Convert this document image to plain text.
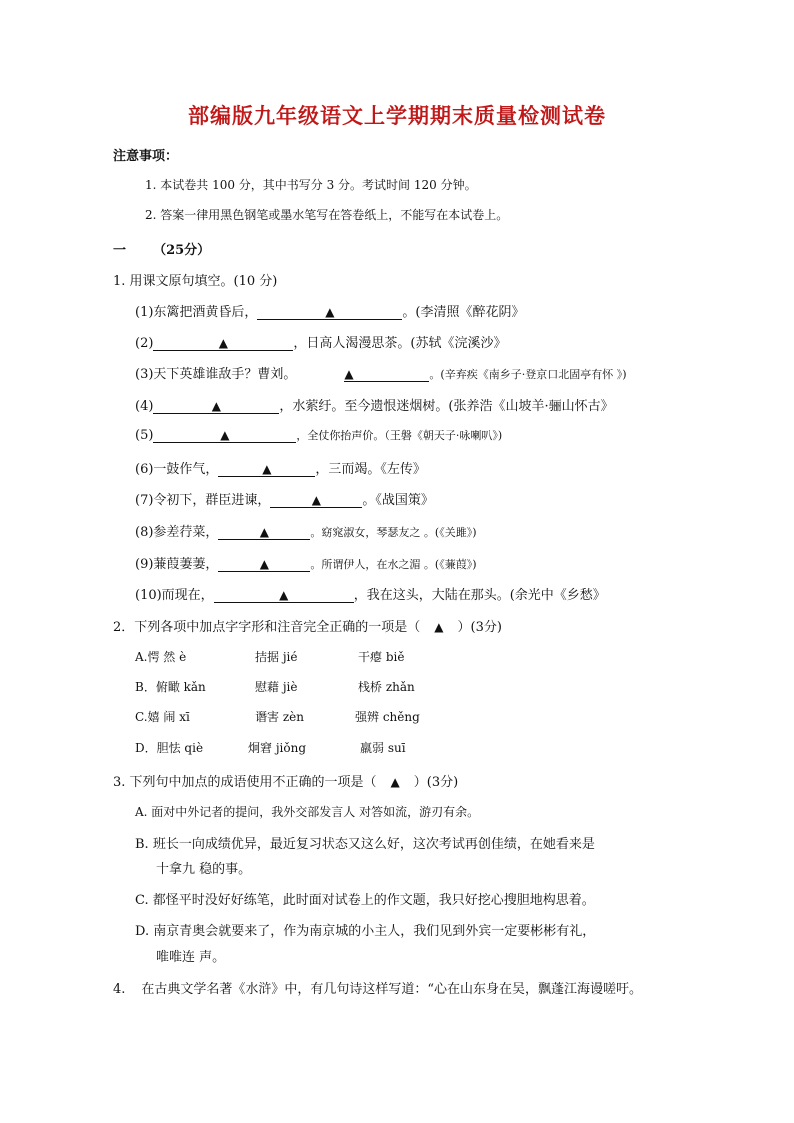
部编版九年级语文上学期期末质量检测试卷
注意事项：
1. 本试卷共 100 分，其中书写分 3 分。考试时间 120 分钟。
2. 答案一律用黑色钢笔或墨水笔写在答卷纸上，不能写在本试卷上。
一 （25分）
1. 用课文原句填空。(10 分)
(1)东篱把酒黄昏后，	▲	。(李清照《醉花阴》
(2)	▲	，日高人渴漫思茶。(苏轼《浣溪沙》
(3)天下英雄谁敌手？曹刘。	▲	。(辛弃疾《南乡子·登京口北固亭有怀 》)
(4)	▲	，水萦纡。至今遗恨迷烟树。(张养浩《山坡羊·骊山怀古》
(5)	▲	，全仗你抬声价。（王磐《朝天子·咏喇叭》)
(6)一鼓作气，	▲	，三而竭。《左传》
(7)令初下，群臣进谏，	▲	。《战国策》
(8)参差荇菜，	▲	。窈窕淑女，琴瑟友之 。(《关雎》)
(9)蒹葭萋萋，	▲	。所谓伊人，在水之湄 。(《蒹葭》)
(10)而现在，	▲	，我在这头，大陆在那头。(余光中《乡愁》
2．下列各项中加点字字形和注音完全正确的一项是（ ▲ ）(3分)
A.愕 然 è	拮据 jié	干瘪 biě
B．俯瞰 kǎn	慰藉 jiè	栈桥 zhǎn
C.嬉 闹 xī	谮害 zèn	强辨 chěng
D．胆怯 qiè	炯窘 jiǒng	羸弱 suī
3. 下列句中加点的成语使用不正确的一项是（ ▲ ）(3分)
A. 面对中外记者的提问，我外交部发言人 对答如流，游刃有余。
B. 班长一向成绩优异，最近复习状态又这么好，这次考试再创佳绩，在她看来是
十拿九 稳的事。
C. 都怪平时没好好练笔，此时面对试卷上的作文题，我只好挖心搜胆地构思着。
D. 南京青奥会就要来了，作为南京城的小主人，我们见到外宾一定要彬彬有礼，
唯唯连 声。
4. 在古典文学名著《水浒》中，有几句诗这样写道：“心在山东身在吴，飘蓬江海谩嗟吁。
